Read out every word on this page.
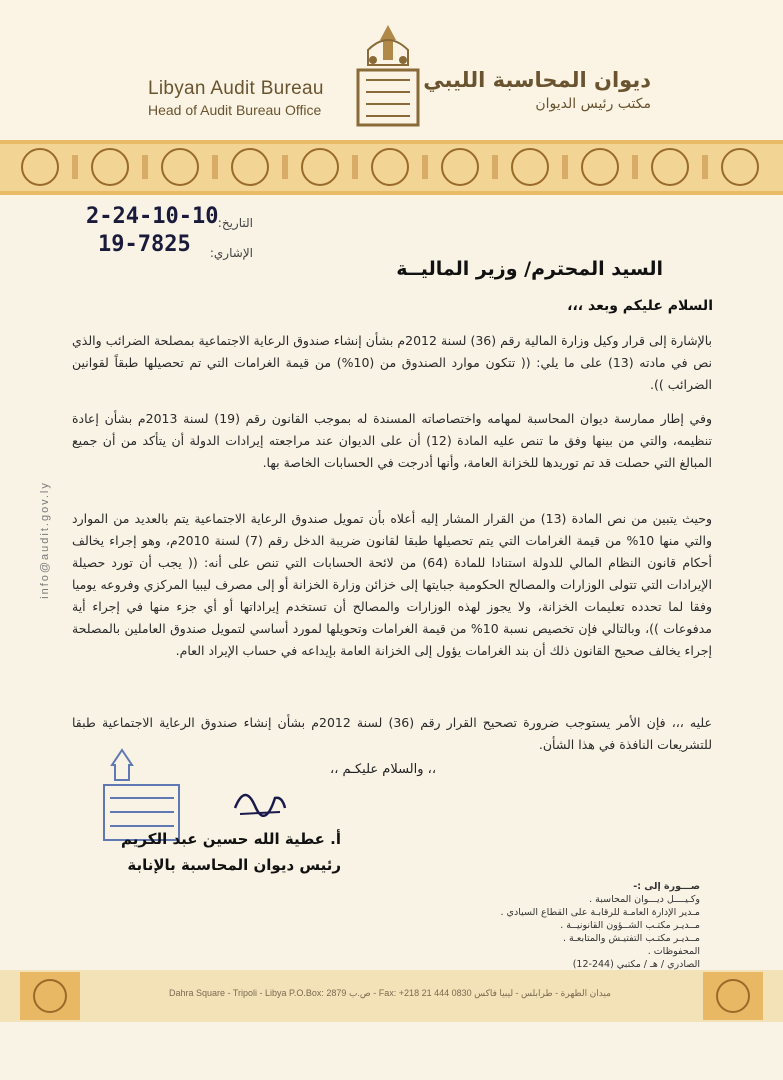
Libyan Audit Bureau
Head of Audit Bureau Office
ديوان المحاسبة الليبي
مكتب رئيس الديوان
التاريخ:
2-24-10-10
الإشاري:
19-7825
السيد المحترم/ وزير الماليــة
السلام عليكم وبعد ،،،
بالإشارة إلى قرار وكيل وزارة المالية رقم (36) لسنة 2012م بشأن إنشاء صندوق الرعاية الاجتماعية بمصلحة الضرائب والذي نص في مادته (13) على ما يلي: (( تتكون موارد الصندوق من (10%) من قيمة الغرامات التي تم تحصيلها طبقاً لقوانين الضرائب )).
وفي إطار ممارسة ديوان المحاسبة لمهامه واختصاصاته المسندة له بموجب القانون رقم (19) لسنة 2013م بشأن إعادة تنظيمه، والتي من بينها وفق ما تنص عليه المادة (12) أن على الديوان عند مراجعته إيرادات الدولة أن يتأكد من أن جميع المبالغ التي حصلت قد تم توريدها للخزانة العامة، وأنها أدرجت في الحسابات الخاصة بها.
وحيث يتبين من نص المادة (13) من القرار المشار إليه أعلاه بأن تمويل صندوق الرعاية الاجتماعية يتم بالعديد من الموارد والتي منها 10% من قيمة الغرامات التي يتم تحصيلها طبقا لقانون ضريبة الدخل رقم (7) لسنة 2010م، وهو إجراء يخالف أحكام قانون النظام المالي للدولة استنادا للمادة (64) من لائحة الحسابات التي تنص على أنه: (( يجب أن تورد حصيلة الإيرادات التي تتولى الوزارات والمصالح الحكومية جبايتها إلى خزائن وزارة الخزانة أو إلى مصرف ليبيا المركزي وفروعه يوميا وفقا لما تحدده تعليمات الخزانة، ولا يجوز لهذه الوزارات والمصالح أن تستخدم إيراداتها أو أي جزء منها في إجراء أية مدفوعات ))، وبالتالي فإن تخصيص نسبة 10% من قيمة الغرامات وتحويلها لمورد أساسي لتمويل صندوق العاملين بالمصلحة إجراء يخالف صحيح القانون ذلك أن بند الغرامات يؤول إلى الخزانة العامة بإيداعه في حساب الإيراد العام.
عليه ،،، فإن الأمر يستوجب ضرورة تصحيح القرار رقم (36) لسنة 2012م بشأن إنشاء صندوق الرعاية الاجتماعية طبقا للتشريعات النافذة في هذا الشأن.
،، والسلام عليكـم ،،
أ. عطية الله حسين عبد الكريم
رئيس ديوان المحاسبة بالإنابة
صـــورة إلى :-
وكـيــــل ديـــوان المحاسبة .
مـدير الإدارة العامـة للرقابـة على القطاع السيادي .
مــديـر مكتـب الشــؤون القانونيــة .
مــديـر مكتـب التفتيـش والمتابعـة .
المحفوظات .
الصادري / هـ / مكتبي (244-12)
info@audit.gov.ly
Dahra Square - Tripoli - Libya P.O.Box: 2879 ص.ب - Fax: +218 21 444 0830 ميدان الظهرة - طرابلس - ليبيا فاكس
